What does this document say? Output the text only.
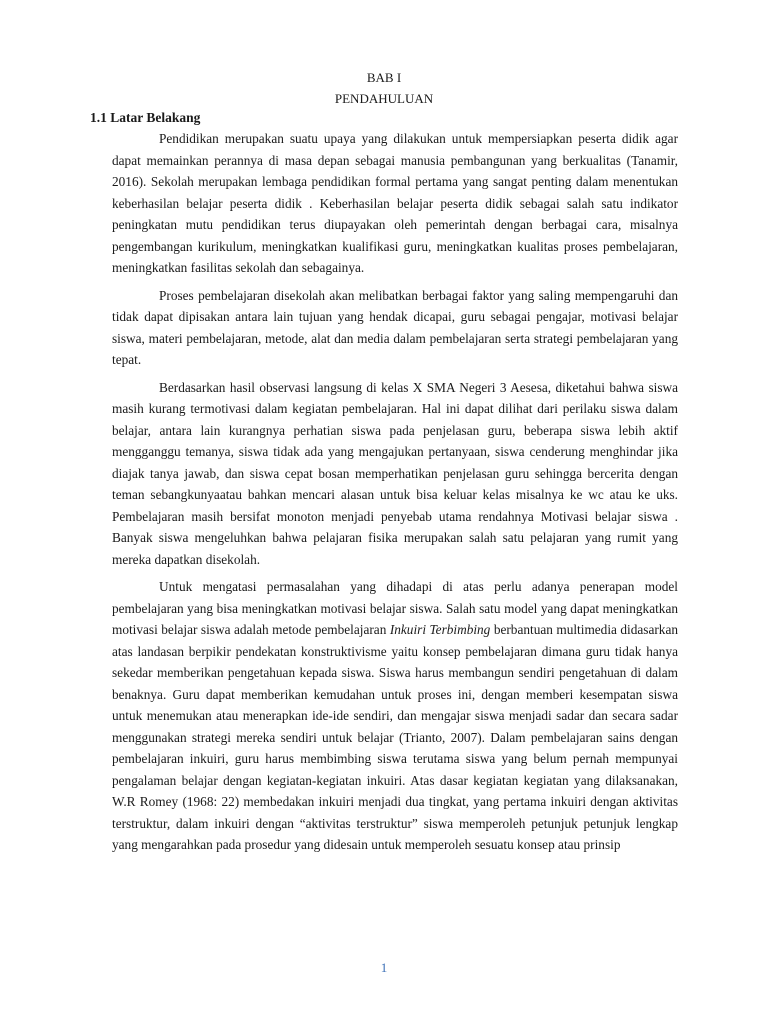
BAB I
PENDAHULUAN
1.1 Latar Belakang

Pendidikan merupakan suatu upaya yang dilakukan untuk mempersiapkan peserta didik agar dapat memainkan perannya di masa depan sebagai manusia pembangunan yang berkualitas (Tanamir, 2016). Sekolah merupakan lembaga pendidikan formal pertama yang sangat penting dalam menentukan keberhasilan belajar peserta didik . Keberhasilan belajar peserta didik sebagai salah satu indikator peningkatan mutu pendidikan terus diupayakan oleh pemerintah dengan berbagai cara, misalnya pengembangan kurikulum, meningkatkan kualifikasi guru, meningkatkan kualitas proses pembelajaran, meningkatkan fasilitas sekolah dan sebagainya.

Proses pembelajaran disekolah akan melibatkan berbagai faktor yang saling mempengaruhi dan tidak dapat dipisakan antara lain tujuan yang hendak dicapai, guru sebagai pengajar, motivasi belajar siswa, materi pembelajaran, metode, alat dan media dalam pembelajaran serta strategi pembelajaran yang tepat.

Berdasarkan hasil observasi langsung di kelas X SMA Negeri 3 Aesesa, diketahui bahwa siswa masih kurang termotivasi dalam kegiatan pembelajaran. Hal ini dapat dilihat dari perilaku siswa dalam belajar, antara lain kurangnya perhatian siswa pada penjelasan guru, beberapa siswa lebih aktif mengganggu temanya, siswa tidak ada yang mengajukan pertanyaan, siswa cenderung menghindar jika diajak tanya jawab, dan siswa cepat bosan memperhatikan penjelasan guru sehingga bercerita dengan teman sebangkunyaatau bahkan mencari alasan untuk bisa keluar kelas misalnya ke wc atau ke uks. Pembelajaran masih bersifat monoton menjadi penyebab utama rendahnya Motivasi belajar siswa . Banyak siswa mengeluhkan bahwa pelajaran fisika merupakan salah satu pelajaran yang rumit yang mereka dapatkan disekolah.

Untuk mengatasi permasalahan yang dihadapi di atas perlu adanya penerapan model pembelajaran yang bisa meningkatkan motivasi belajar siswa. Salah satu model yang dapat meningkatkan motivasi belajar siswa adalah metode pembelajaran Inkuiri Terbimbing berbantuan multimedia didasarkan atas landasan berpikir pendekatan konstruktivisme yaitu konsep pembelajaran dimana guru tidak hanya sekedar memberikan pengetahuan kepada siswa. Siswa harus membangun sendiri pengetahuan di dalam benaknya. Guru dapat memberikan kemudahan untuk proses ini, dengan memberi kesempatan siswa untuk menemukan atau menerapkan ide-ide sendiri, dan mengajar siswa menjadi sadar dan secara sadar menggunakan strategi mereka sendiri untuk belajar (Trianto, 2007). Dalam pembelajaran sains dengan pembelajaran inkuiri, guru harus membimbing siswa terutama siswa yang belum pernah mempunyai pengalaman belajar dengan kegiatan-kegiatan inkuiri. Atas dasar kegiatan kegiatan yang dilaksanakan, W.R Romey (1968: 22) membedakan inkuiri menjadi dua tingkat, yang pertama inkuiri dengan aktivitas terstruktur, dalam inkuiri dengan “aktivitas terstruktur” siswa memperoleh petunjuk petunjuk lengkap yang mengarahkan pada prosedur yang didesain untuk memperoleh sesuatu konsep atau prinsip

1
